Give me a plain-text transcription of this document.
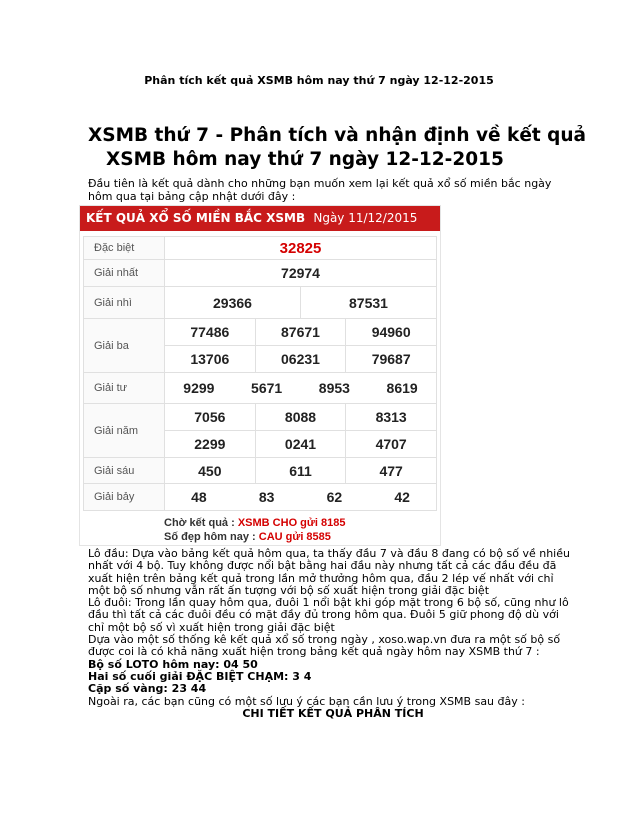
Phân tích kết quả XSMB hôm nay thứ 7 ngày 12-12-2015
XSMB thứ 7 - Phân tích và nhận định về kết quả
XSMB hôm nay thứ 7 ngày 12-12-2015
Đầu tiên là kết quả dành cho những bạn muốn xem lại kết quả xổ số miền bắc ngày
hôm qua tại bảng cập nhật dưới đây :
KẾT QUẢ XỔ SỐ MIỀN BẮC XSMB Ngày 11/12/2015
Đặc biệt	32825			
Giải nhất	72974			
Giải nhì	29366		87531	
Giải ba	77486	87671		94960
	13706	06231		79687
Giải tư	9299 5671 8953 8619			

Giải năm	7056	8088		8313
	2299	0241		4707
Giải sáu	450	611		477
Giải bảy	48 83 62 42			
Chờ kết quả : XSMB CHO gửi 8185
Số đẹp hôm nay : CAU gửi 8585

Lô đầu: Dựa vào bảng kết quả hôm qua, ta thấy đầu 7 và đầu 8 đang có bộ số về nhiều

nhất với 4 bộ. Tuy không được nổi bật bằng hai đầu này nhưng tất cả các đầu đều đã

xuất hiện trên bảng kết quả trong lần mở thưởng hôm qua, đầu 2 lép vế nhất với chỉ

một bộ số nhưng vẫn rất ấn tượng với bộ số xuất hiện trong giải đặc biệt

Lô đuôi: Trong lần quay hôm qua, đuôi 1 nổi bật khi góp mặt trong 6 bộ số, cũng như lô

đầu thì tất cả các đuôi đều có mặt đầy đủ trong hôm qua. Đuôi 5 giữ phong độ dù với

chỉ một bộ số vì xuất hiện trong giải đặc biệt

Dựa vào một số thống kê kết quả xổ số trong ngày , xoso.wap.vn đưa ra một số bộ số

được coi là có khả năng xuất hiện trong bảng kết quả ngày hôm nay XSMB thứ 7 :

Bộ số LOTO hôm nay: 04 50

Hai số cuối giải ĐẶC BIỆT CHẠM: 3 4

Cặp số vàng: 23 44

Ngoài ra, các bạn cũng có một số lưu ý các bạn cần lưu ý trong XSMB sau đây :

CHI TIẾT KẾT QUẢ PHÂN TÍCH
